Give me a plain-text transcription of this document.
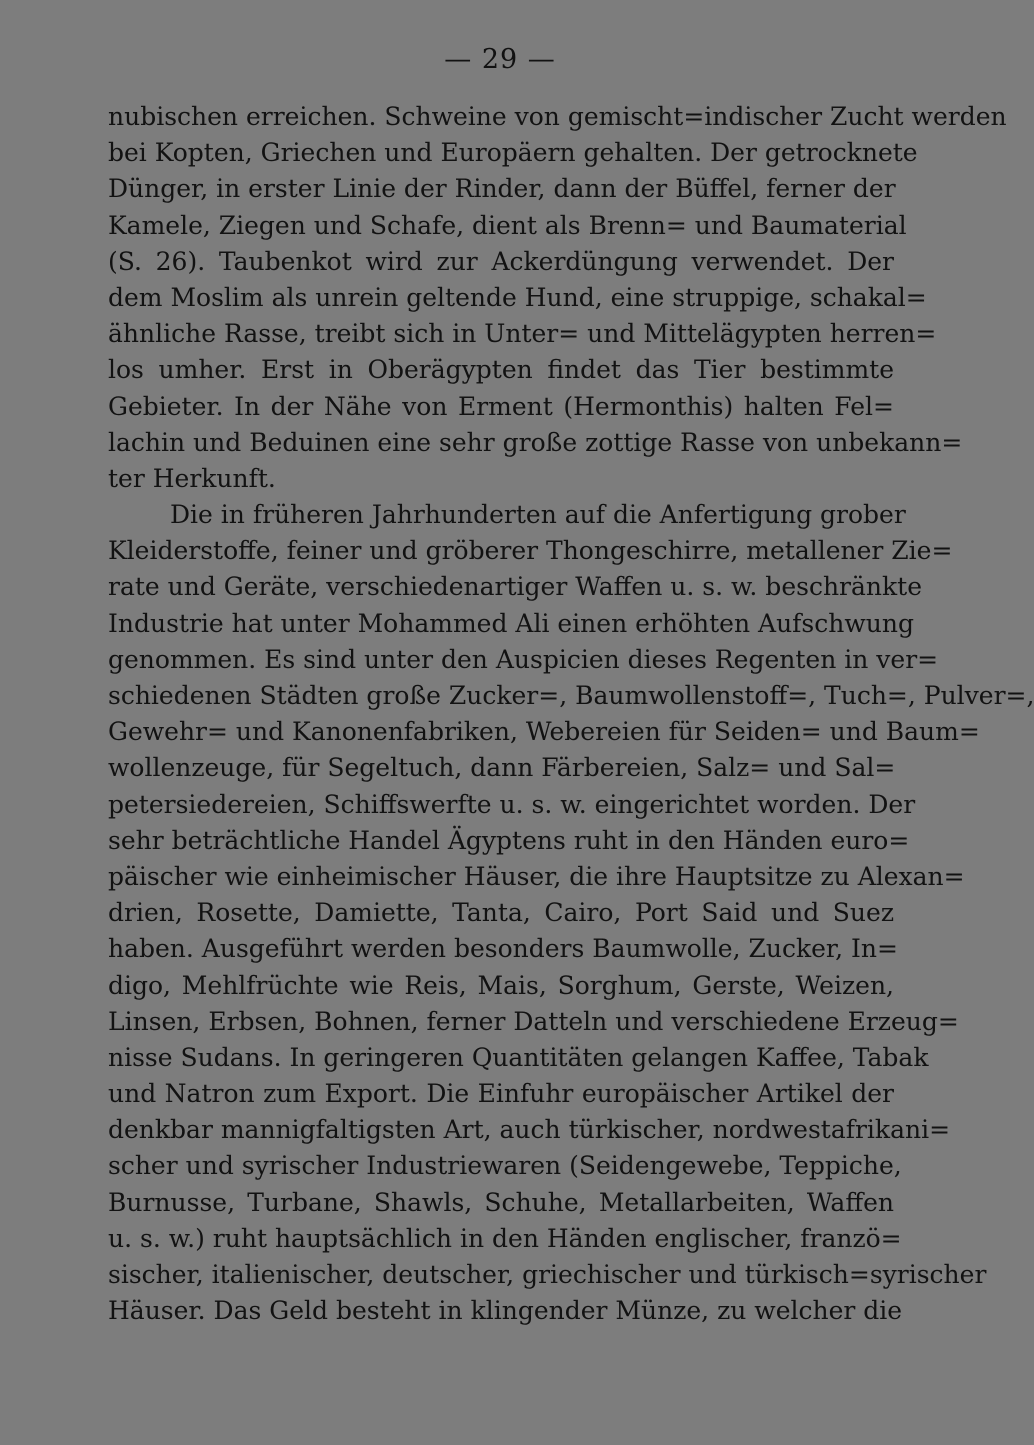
— 29 —
nubischen erreichen. Schweine von gemischt=indischer Zucht werden
bei Kopten, Griechen und Europäern gehalten. Der getrocknete
Dünger, in erster Linie der Rinder, dann der Büffel, ferner der
Kamele, Ziegen und Schafe, dient als Brenn= und Baumaterial
(S. 26). Taubenkot wird zur Ackerdüngung verwendet. Der
dem Moslim als unrein geltende Hund, eine struppige, schakal=
ähnliche Rasse, treibt sich in Unter= und Mittelägypten herren=
los umher. Erst in Oberägypten findet das Tier bestimmte
Gebieter. In der Nähe von Erment (Hermonthis) halten Fel=
lachin und Beduinen eine sehr große zottige Rasse von unbekann=
ter Herkunft.
Die in früheren Jahrhunderten auf die Anfertigung grober
Kleiderstoffe, feiner und gröberer Thongeschirre, metallener Zie=
rate und Geräte, verschiedenartiger Waffen u. s. w. beschränkte
Industrie hat unter Mohammed Ali einen erhöhten Aufschwung
genommen. Es sind unter den Auspicien dieses Regenten in ver=
schiedenen Städten große Zucker=, Baumwollenstoff=, Tuch=, Pulver=,
Gewehr= und Kanonenfabriken, Webereien für Seiden= und Baum=
wollenzeuge, für Segeltuch, dann Färbereien, Salz= und Sal=
petersiedereien, Schiffswerfte u. s. w. eingerichtet worden. Der
sehr beträchtliche Handel Ägyptens ruht in den Händen euro=
päischer wie einheimischer Häuser, die ihre Hauptsitze zu Alexan=
drien, Rosette, Damiette, Tanta, Cairo, Port Said und Suez
haben. Ausgeführt werden besonders Baumwolle, Zucker, In=
digo, Mehlfrüchte wie Reis, Mais, Sorghum, Gerste, Weizen,
Linsen, Erbsen, Bohnen, ferner Datteln und verschiedene Erzeug=
nisse Sudans. In geringeren Quantitäten gelangen Kaffee, Tabak
und Natron zum Export. Die Einfuhr europäischer Artikel der
denkbar mannigfaltigsten Art, auch türkischer, nordwestafrikani=
scher und syrischer Industriewaren (Seidengewebe, Teppiche,
Burnusse, Turbane, Shawls, Schuhe, Metallarbeiten, Waffen
u. s. w.) ruht hauptsächlich in den Händen englischer, franzö=
sischer, italienischer, deutscher, griechischer und türkisch=syrischer
Häuser. Das Geld besteht in klingender Münze, zu welcher die
